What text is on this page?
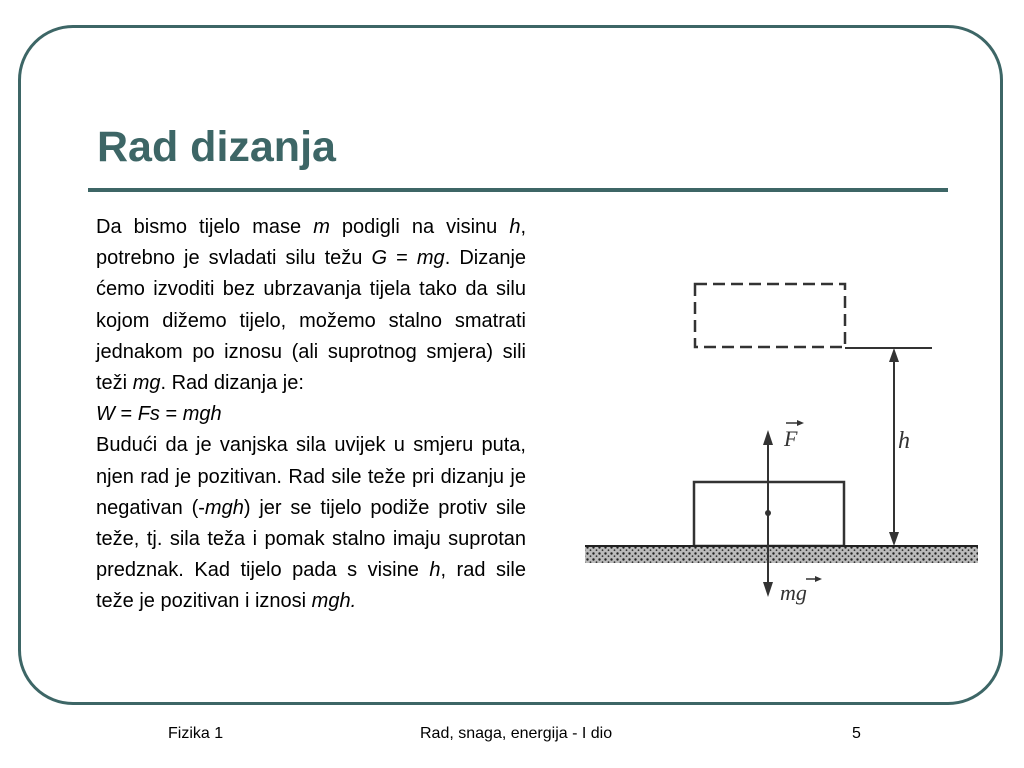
Rad dizanja

Da bismo tijelo mase m podigli na visinu h, potrebno je svladati silu težu G = mg. Dizanje ćemo izvoditi bez ubrzavanja tijela tako da silu kojom dižemo tijelo, možemo stalno smatrati jednakom po iznosu (ali suprotnog smjera) sili teži mg. Rad dizanja je:

W = Fs = mgh

Budući da je vanjska sila uvijek u smjeru puta, njen rad je pozitivan. Rad sile teže pri dizanju je negativan (-mgh) jer se tijelo podiže protiv sile teže, tj. sila teža i pomak stalno imaju suprotan predznak. Kad tijelo pada s visine h, rad sile teže je pozitivan i iznosi mgh.

h
F
mg
Fizika 1	Rad, snaga, energija - I dio	5
